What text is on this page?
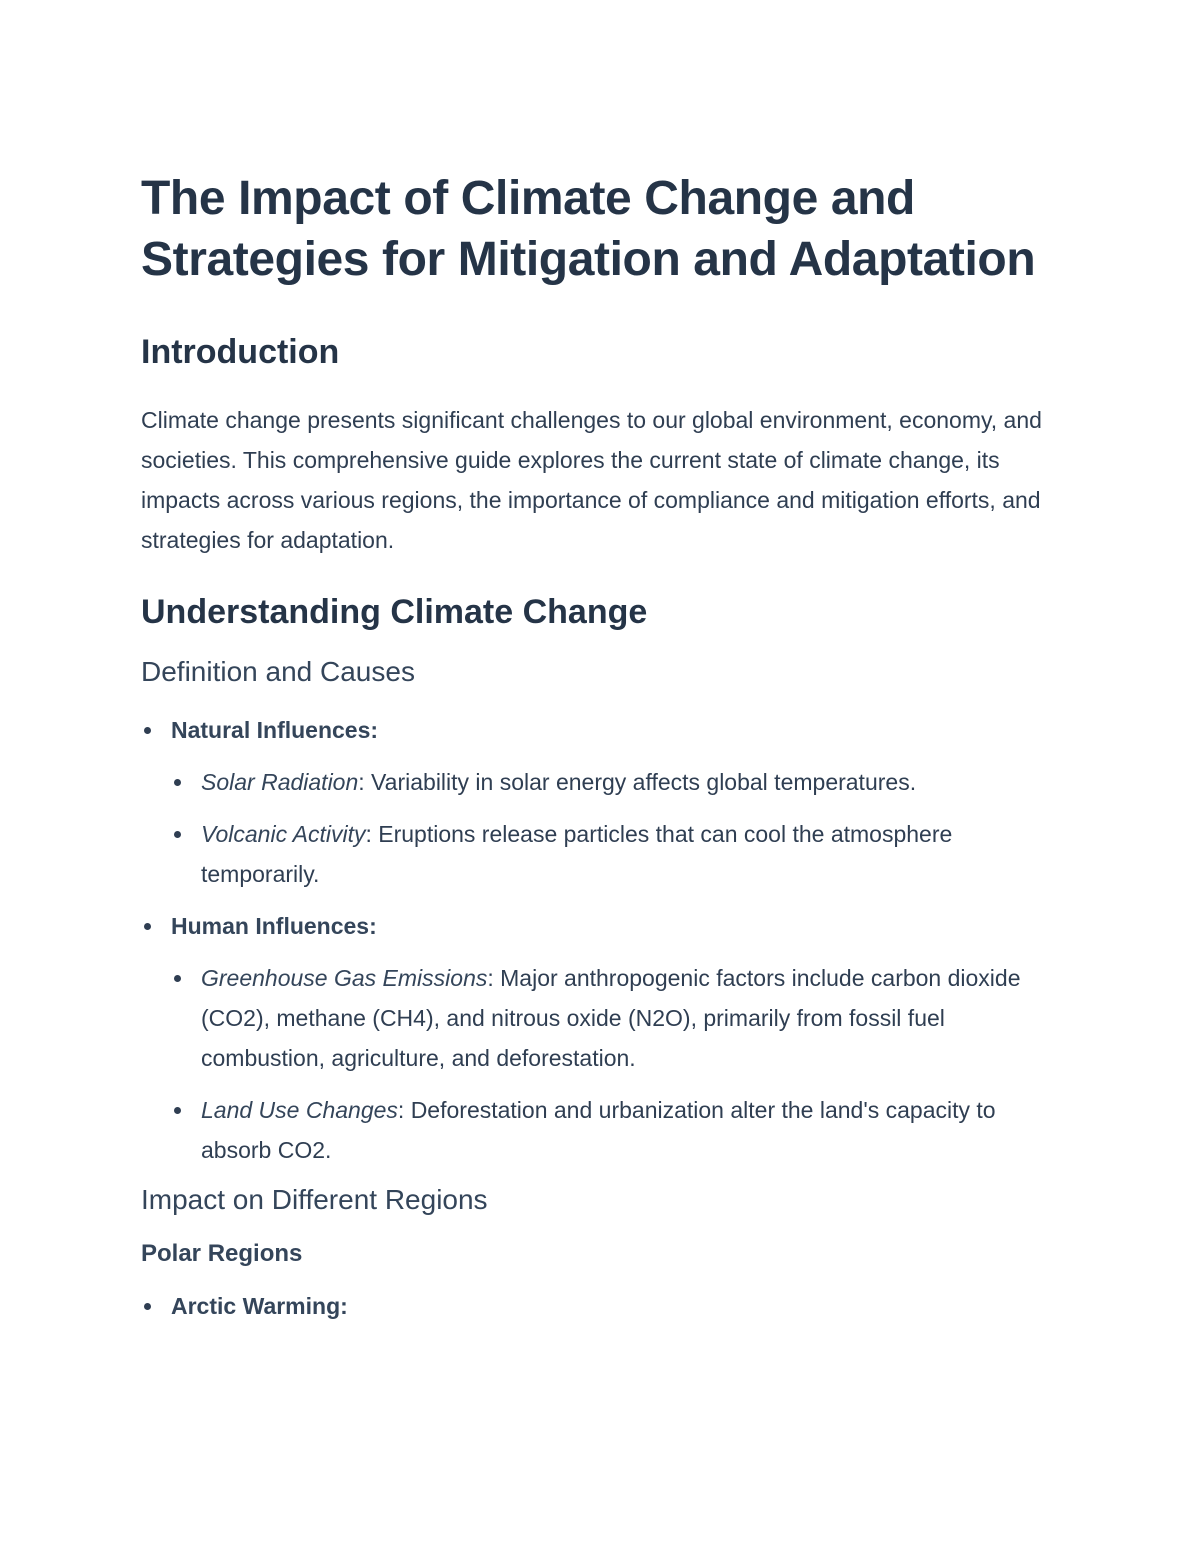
The Impact of Climate Change and Strategies for Mitigation and Adaptation
Introduction

Climate change presents significant challenges to our global environment, economy, and societies. This comprehensive guide explores the current state of climate change, its impacts across various regions, the importance of compliance and mitigation efforts, and strategies for adaptation.

Understanding Climate Change
Definition and Causes
Natural Influences:
Solar Radiation: Variability in solar energy affects global temperatures.
Volcanic Activity: Eruptions release particles that can cool the atmosphere temporarily.
Human Influences:
Greenhouse Gas Emissions: Major anthropogenic factors include carbon dioxide (CO2), methane (CH4), and nitrous oxide (N2O), primarily from fossil fuel combustion, agriculture, and deforestation.
Land Use Changes: Deforestation and urbanization alter the land's capacity to absorb CO2.
Impact on Different Regions
Polar Regions
Arctic Warming:
